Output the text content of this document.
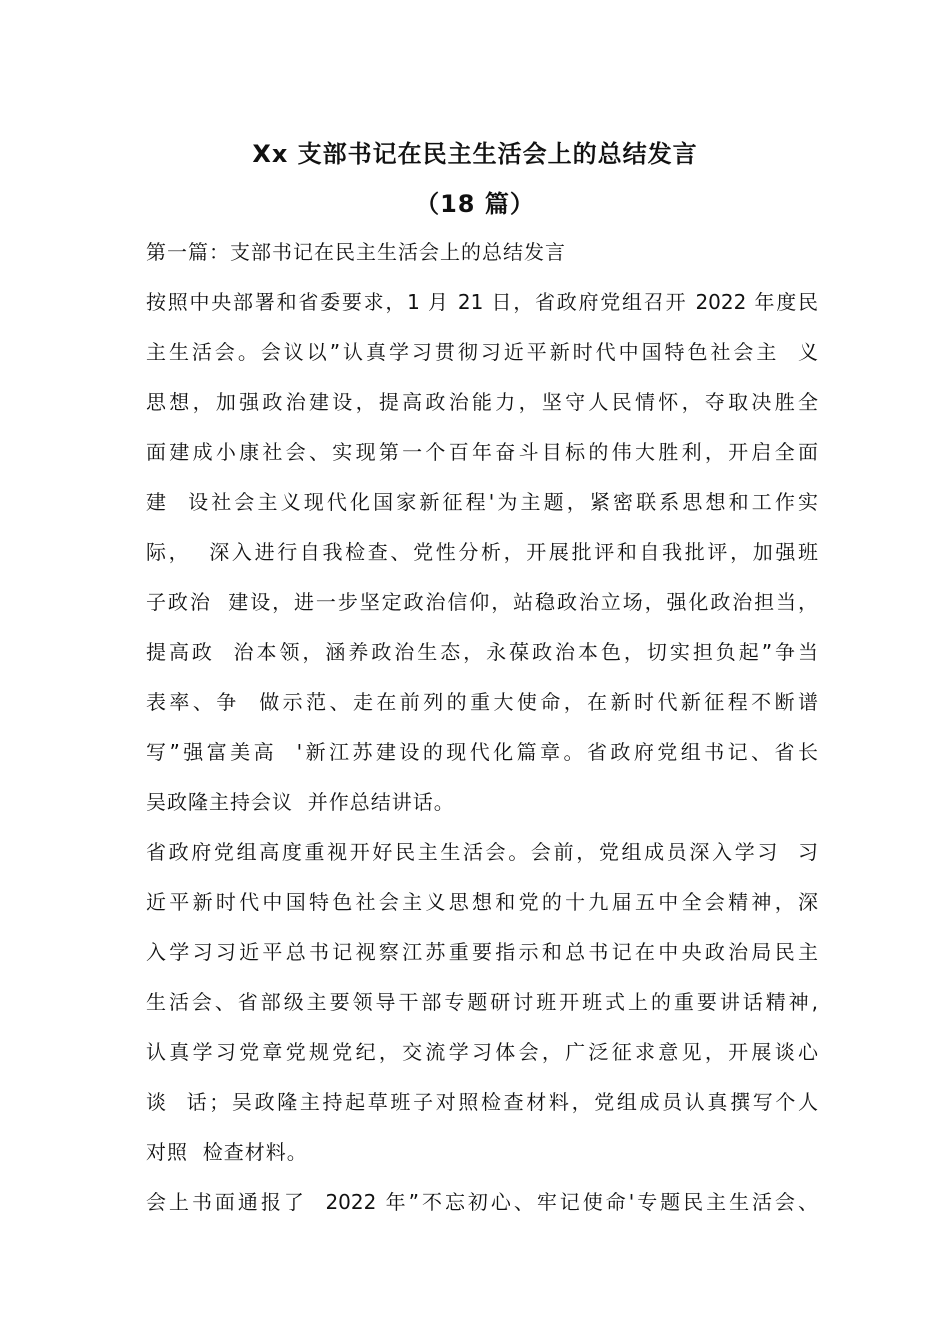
Xx 支部书记在民主生活会上的总结发言
（18 篇）

第一篇：支部书记在民主生活会上的总结发言

按照中央部署和省委要求，1 月 21 日，省政府党组召开 2022 年度民

主生活会。会议以”认真学习贯彻习近平新时代中国特色社会主  义

思想，加强政治建设，提高政治能力，坚守人民情怀，夺取决胜全

面建成小康社会、实现第一个百年奋斗目标的伟大胜利，开启全面

建  设社会主义现代化国家新征程'为主题，紧密联系思想和工作实

际，  深入进行自我检查、党性分析，开展批评和自我批评，加强班

子政治  建设，进一步坚定政治信仰，站稳政治立场，强化政治担当，

提高政  治本领，涵养政治生态，永葆政治本色，切实担负起”争当

表率、争  做示范、走在前列的重大使命，在新时代新征程不断谱

写”强富美高  '新江苏建设的现代化篇章。省政府党组书记、省长

吴政隆主持会议  并作总结讲话。

省政府党组高度重视开好民主生活会。会前，党组成员深入学习  习

近平新时代中国特色社会主义思想和党的十九届五中全会精神，深

入学习习近平总书记视察江苏重要指示和总书记在中央政治局民主

生活会、省部级主要领导干部专题研讨班开班式上的重要讲话精神,

认真学习党章党规党纪，交流学习体会，广泛征求意见，开展谈心

谈  话；吴政隆主持起草班子对照检查材料，党组成员认真撰写个人

对照  检查材料。

会上书面通报了  2022 年”不忘初心、牢记使命'专题民主生活会、
